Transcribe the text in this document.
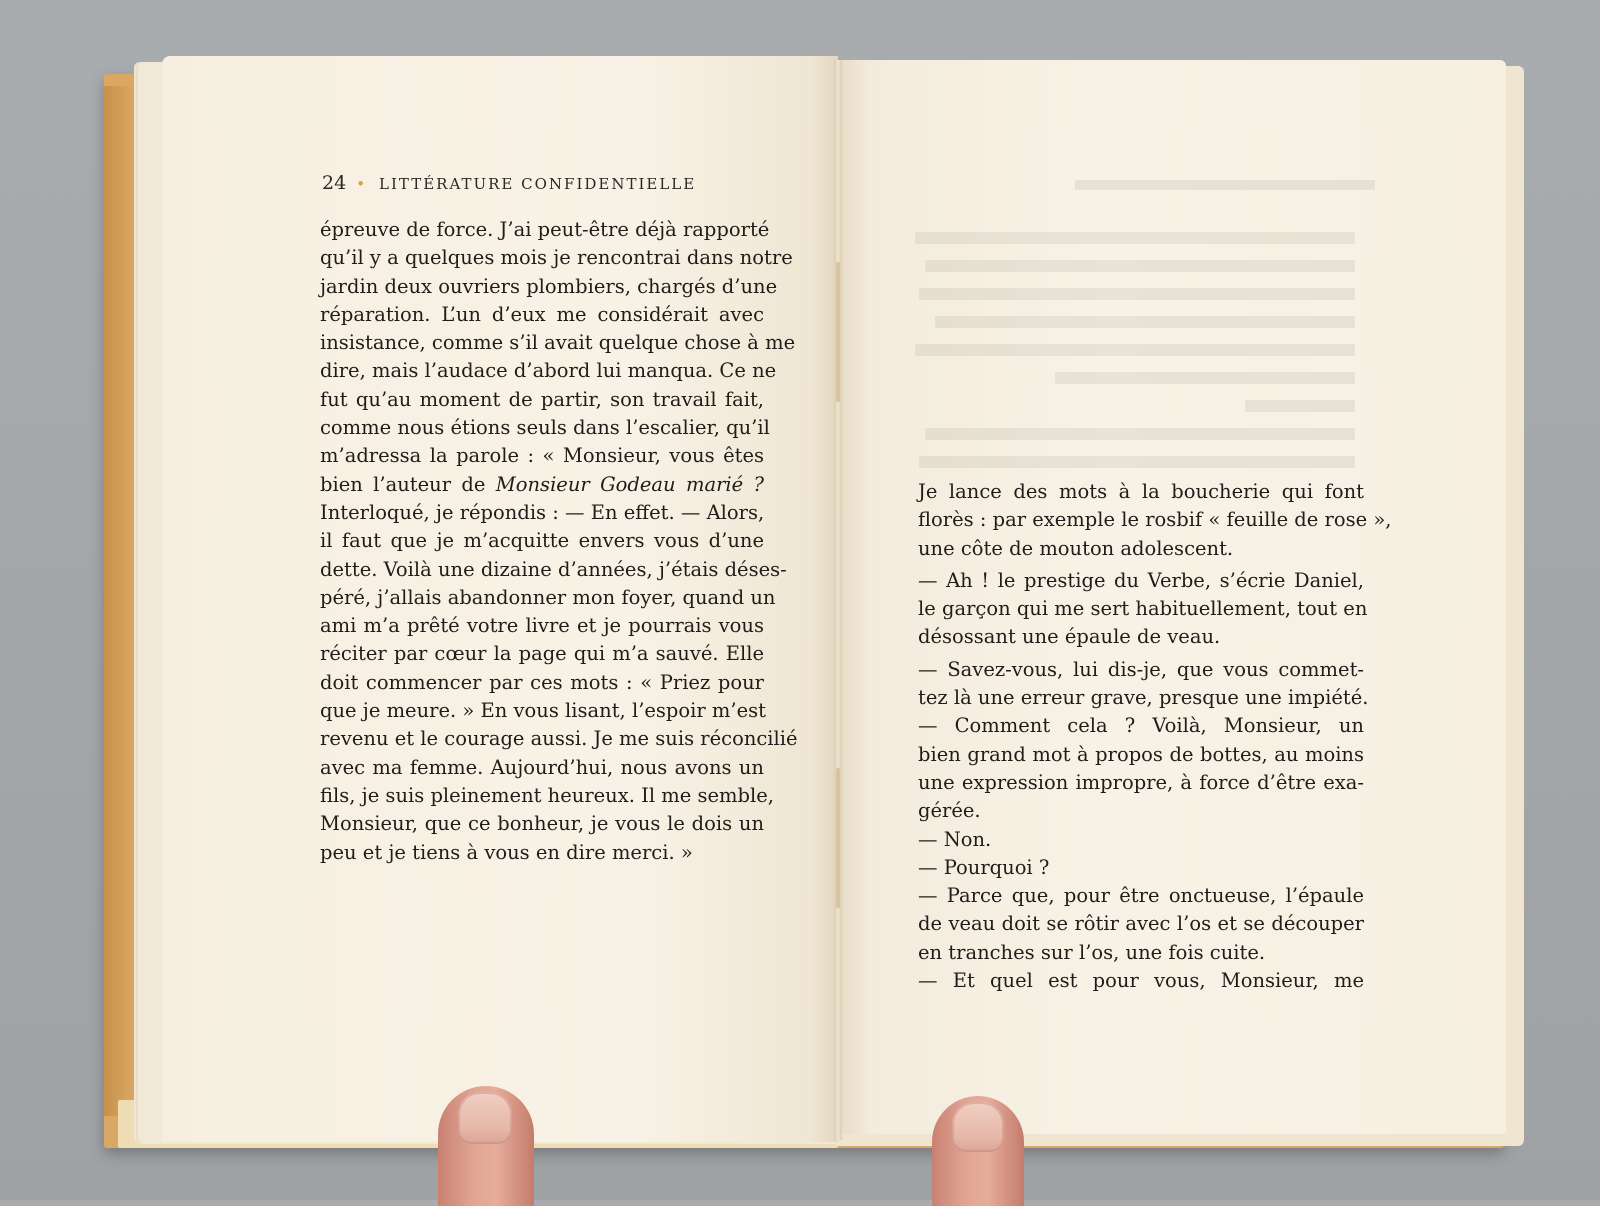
24 • LITTÉRATURE CONFIDENTIELLE

épreuve de force. J’ai peut-être déjà rapporté

qu’il y a quelques mois je rencontrai dans notre

jardin deux ouvriers plombiers, chargés d’une

réparation. L’un d’eux me considérait avec

insistance, comme s’il avait quelque chose à me

dire, mais l’audace d’abord lui manqua. Ce ne

fut qu’au moment de partir, son travail fait,

comme nous étions seuls dans l’escalier, qu’il

m’adressa la parole : « Monsieur, vous êtes

bien l’auteur de Monsieur Godeau marié ?

Interloqué, je répondis : — En effet. — Alors,

il faut que je m’acquitte envers vous d’une

dette. Voilà une dizaine d’années, j’étais déses-

péré, j’allais abandonner mon foyer, quand un

ami m’a prêté votre livre et je pourrais vous

réciter par cœur la page qui m’a sauvé. Elle

doit commencer par ces mots : « Priez pour

que je meure. » En vous lisant, l’espoir m’est

revenu et le courage aussi. Je me suis réconcilié

avec ma femme. Aujourd’hui, nous avons un

fils, je suis pleinement heureux. Il me semble,

Monsieur, que ce bonheur, je vous le dois un

peu et je tiens à vous en dire merci. »

Je lance des mots à la boucherie qui font

florès : par exemple le rosbif « feuille de rose »,

une côte de mouton adolescent.

— Ah ! le prestige du Verbe, s’écrie Daniel,

le garçon qui me sert habituellement, tout en

désossant une épaule de veau.

— Savez-vous, lui dis-je, que vous commet-

tez là une erreur grave, presque une impiété.

— Comment cela ? Voilà, Monsieur, un

bien grand mot à propos de bottes, au moins

une expression impropre, à force d’être exa-

gérée.

— Non.

— Pourquoi ?

— Parce que, pour être onctueuse, l’épaule

de veau doit se rôtir avec l’os et se découper

en tranches sur l’os, une fois cuite.

— Et quel est pour vous, Monsieur, me
